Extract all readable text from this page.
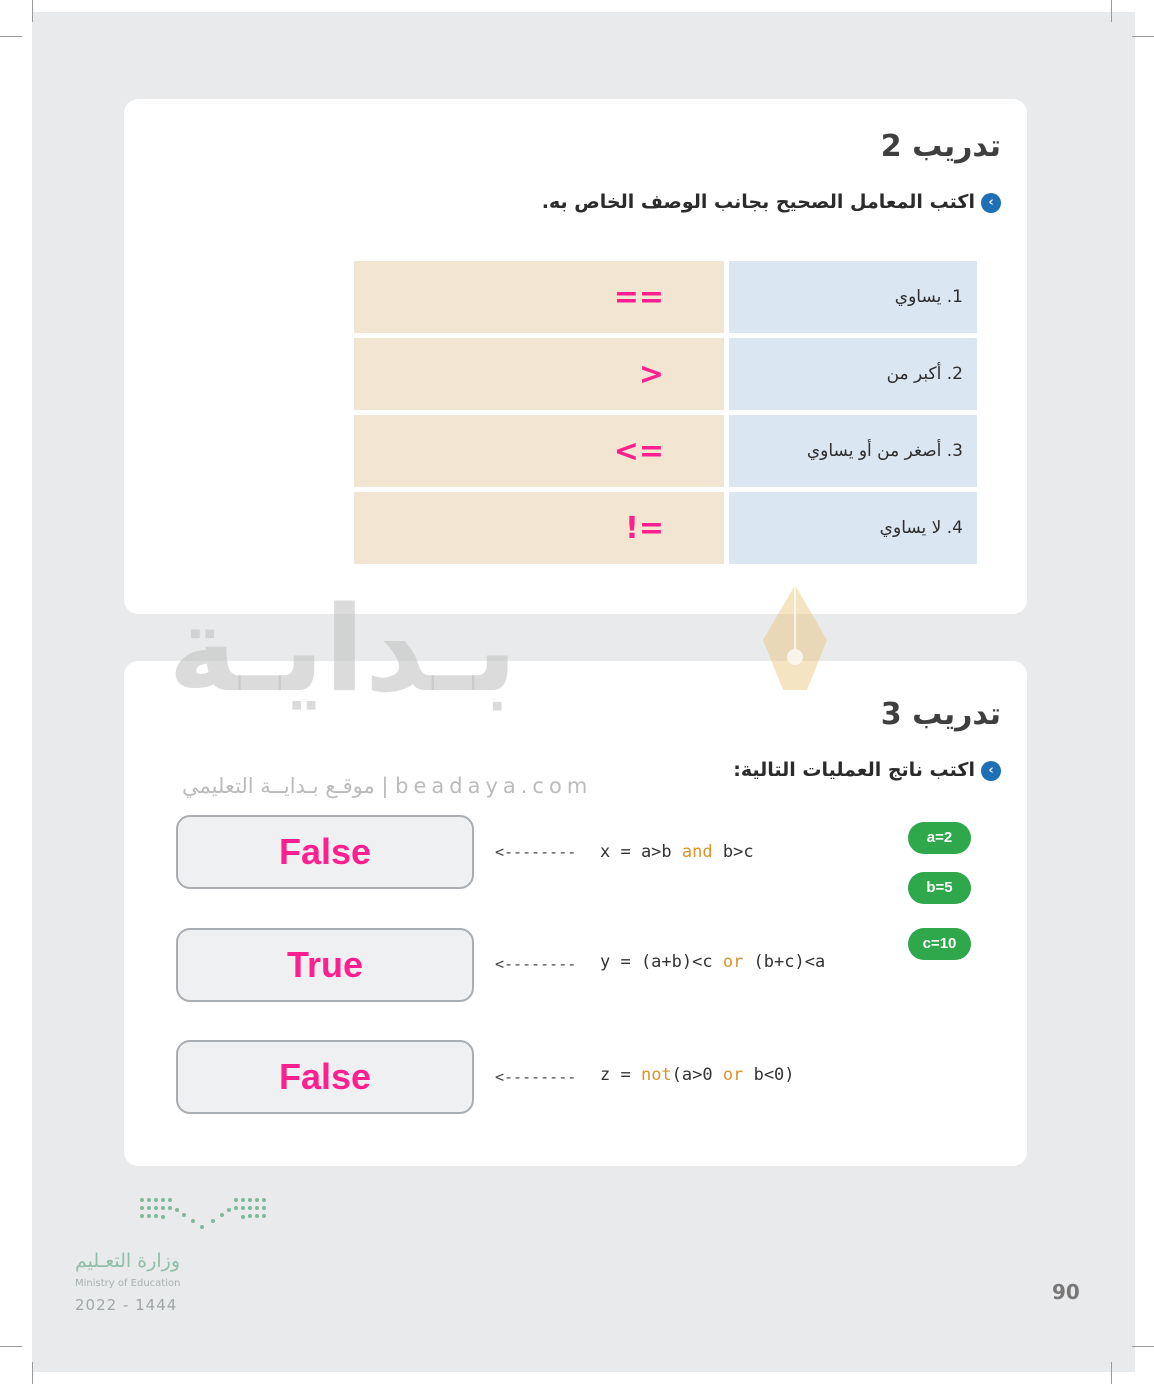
تدريب 2
‹
اكتب المعامل الصحيح بجانب الوصف الخاص به.
==	1. يساوي
>	2. أكبر من
<=	3. أصغر من أو يساوي
!=	4. لا يساوي
تدريب 3
‹
اكتب ناتج العمليات التالية:
بـدايـة
موقـع بـدايــة التعليمي | beadaya.com
False	<-------- x = a>b and b>c
True	<-------- y = (a+b)<c or (b+c)<a
False	<-------- z = not(a>0 or b<0)
a=2
b=5
c=10
وزارة التعـليم
Ministry of Education
2022 - 1444
90
